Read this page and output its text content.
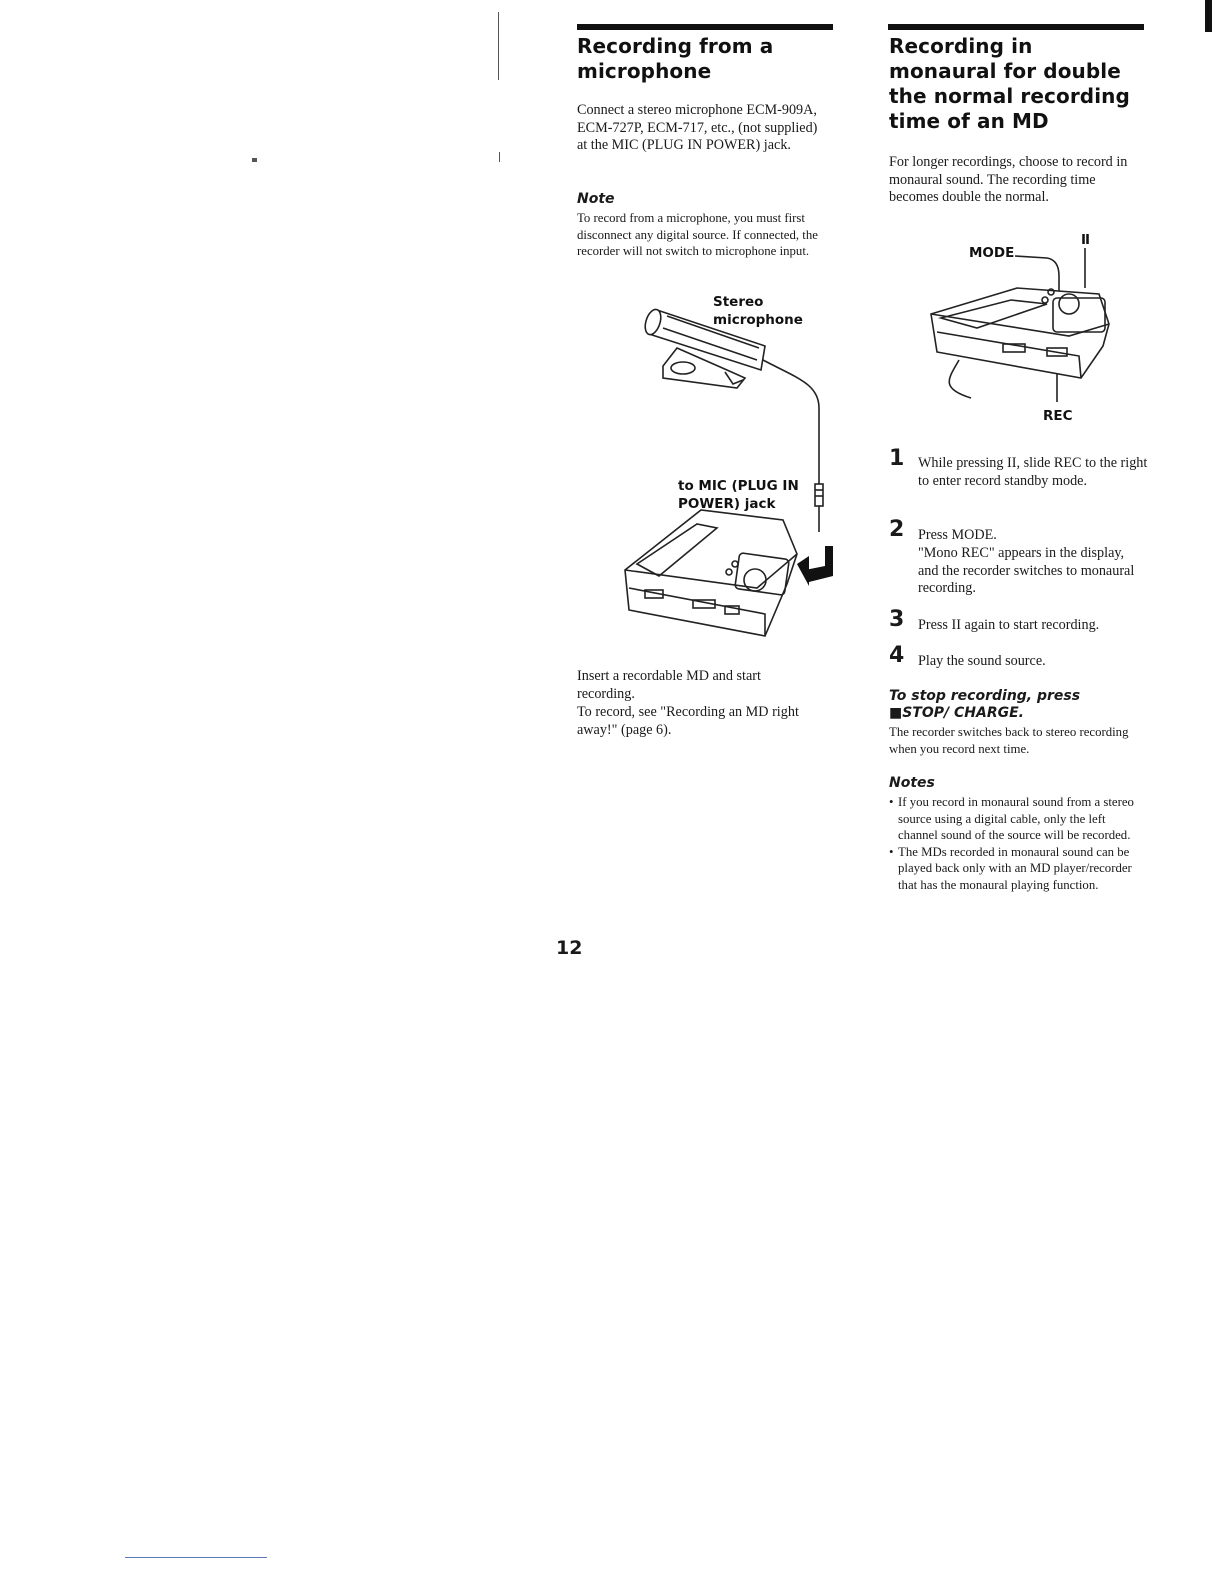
Recording from a microphone

Connect a stereo microphone ECM-909A, ECM-727P, ECM-717, etc., (not supplied) at the MIC (PLUG IN POWER) jack.

Note

To record from a microphone, you must first disconnect any digital source. If connected, the recorder will not switch to microphone input.

Stereo
microphone
to MIC (PLUG IN
POWER) jack

Insert a recordable MD and start recording.

To record, see "Recording an MD right away!" (page 6).

Recording in monaural for double the normal recording time of an MD

For longer recordings, choose to record in monaural sound. The recording time becomes double the normal.

MODE
II
REC
1 While pressing II, slide REC to the right to enter record standby mode.

2 Press MODE.

"Mono REC" appears in the display, and the recorder switches to monaural recording.

3 Press II again to start recording.

4 Play the sound source.

To stop recording, press ■STOP/ CHARGE.

The recorder switches back to stereo recording when you record next time.

Notes

• If you record in monaural sound from a stereo source using a digital cable, only the left channel sound of the source will be recorded.

• The MDs recorded in monaural sound can be played back only with an MD player/recorder that has the monaural playing function.

12
